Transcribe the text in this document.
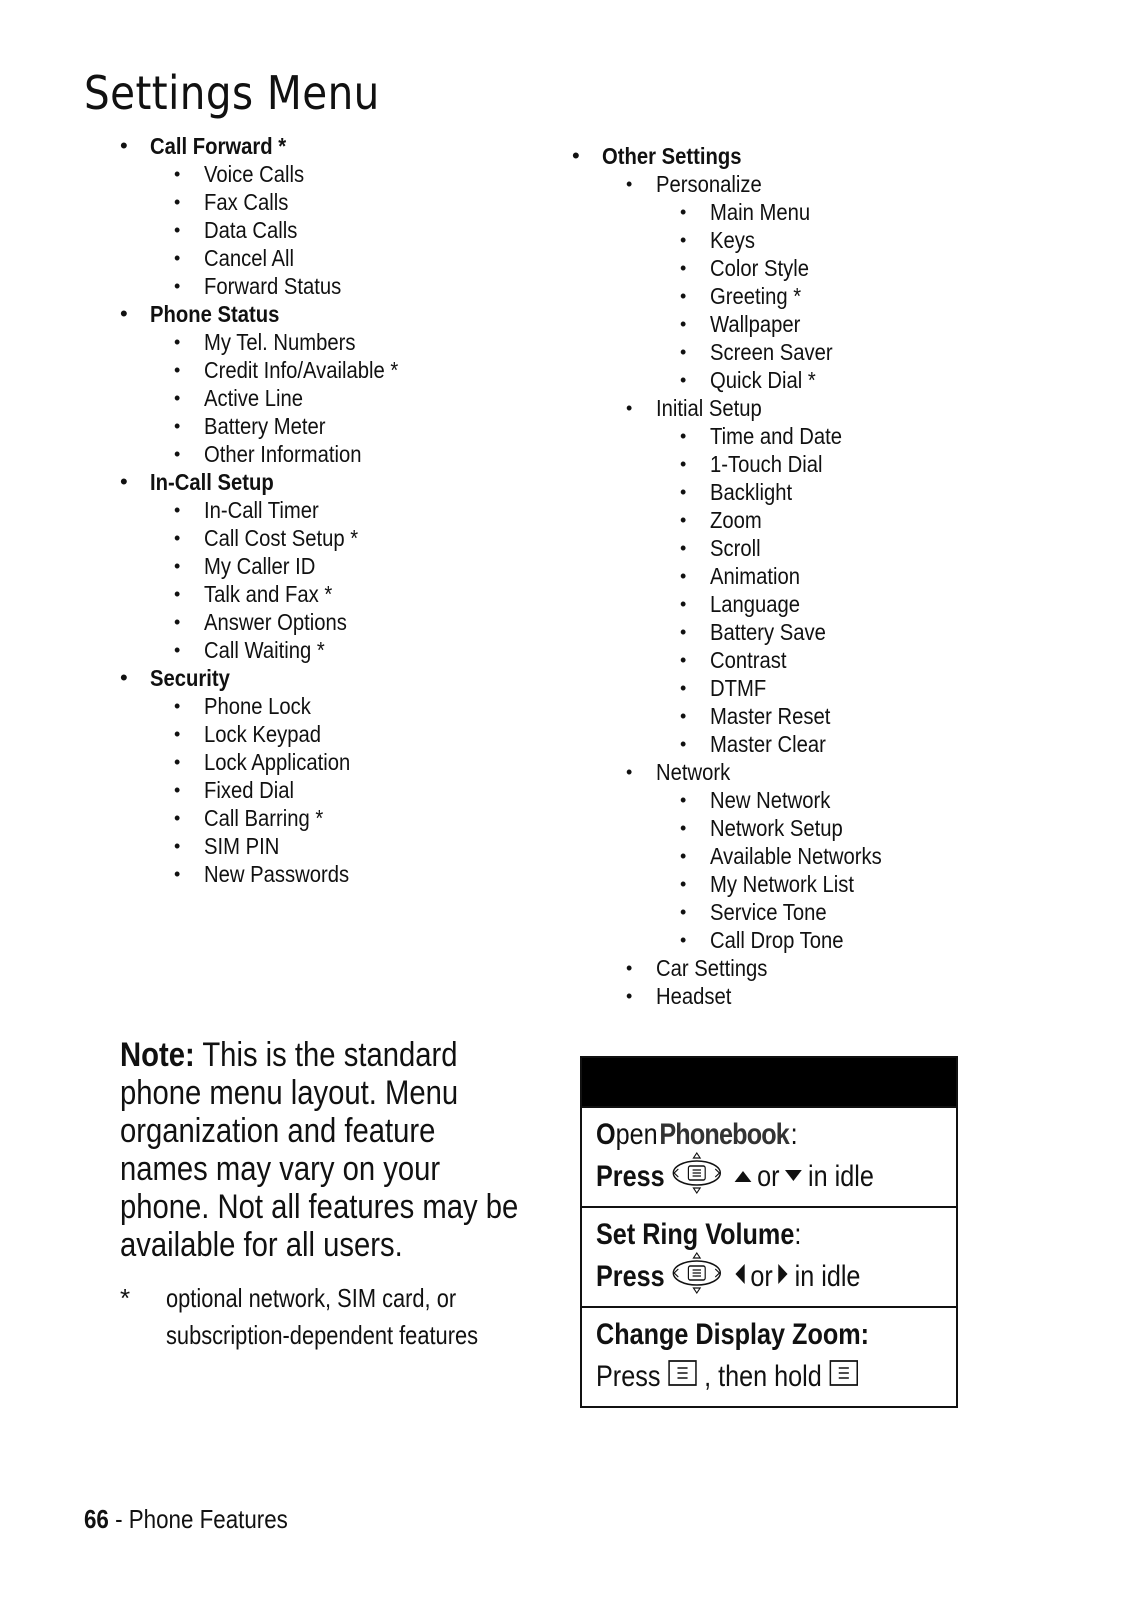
Settings Menu
• Call Forward *
• Voice Calls
• Fax Calls
• Data Calls
• Cancel All
• Forward Status
• Phone Status
• My Tel. Numbers
• Credit Info/Available *
• Active Line
• Battery Meter
• Other Information
• In-Call Setup
• In-Call Timer
• Call Cost Setup *
• My Caller ID
• Talk and Fax *
• Answer Options
• Call Waiting *
• Security
• Phone Lock
• Lock Keypad
• Lock Application
• Fixed Dial
• Call Barring *
• SIM PIN
• New Passwords
• Other Settings
• Personalize
• Main Menu
• Keys
• Color Style
• Greeting *
• Wallpaper
• Screen Saver
• Quick Dial *
• Initial Setup
• Time and Date
• 1-Touch Dial
• Backlight
• Zoom
• Scroll
• Animation
• Language
• Battery Save
• Contrast
• DTMF
• Master Reset
• Master Clear
• Network
• New Network
• Network Setup
• Available Networks
• My Network List
• Service Tone
• Call Drop Tone
• Car Settings
• Headset
Note: This is the standard phone menu layout. Menu organization and feature names may vary on your phone. Not all features may be available for all users.
* optional network, SIM card, or subscription-dependent features
O pen Phonebook :
Press	or in idle
Set Ring Volume :
Press	or in idle
Change Display Zoom:
Press , then hold
66 - Phone Features
